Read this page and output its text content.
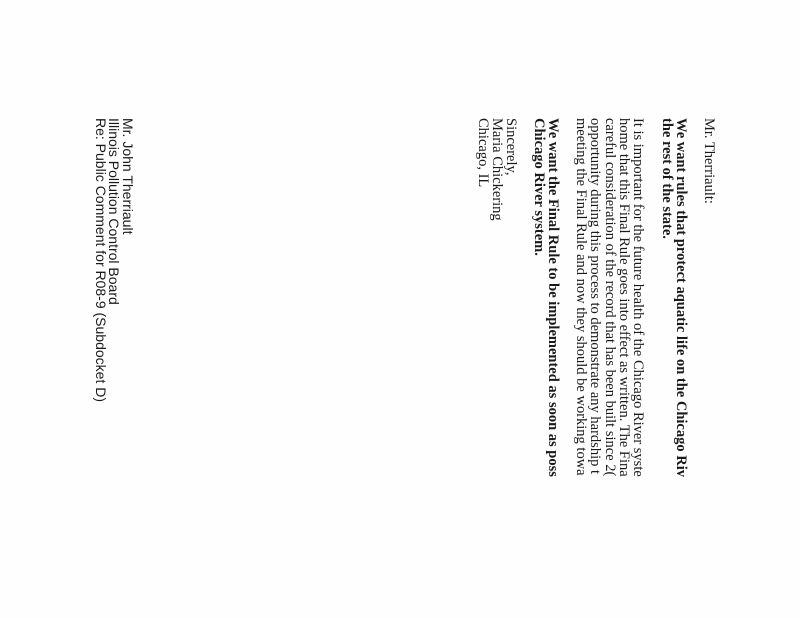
Mr. Therriault:
We want rules that protect aquatic life on the Chicago Riv
the rest of the state.
It is important for the future health of the Chicago River syste
home that this Final Rule goes into effect as written. The Fina
careful consideration of the record that has been built since 2(
opportunity during this process to demonstrate any hardship t
meeting the Final Rule and now they should be working towa
We want the Final Rule to be implemented as soon as poss
Chicago River system.
Sincerely,
Maria Chickering
Chicago, IL
Mr. John Therriault
Illinois Pollution Control Board
Re: Public Comment for R08-9 (Subdocket D)
